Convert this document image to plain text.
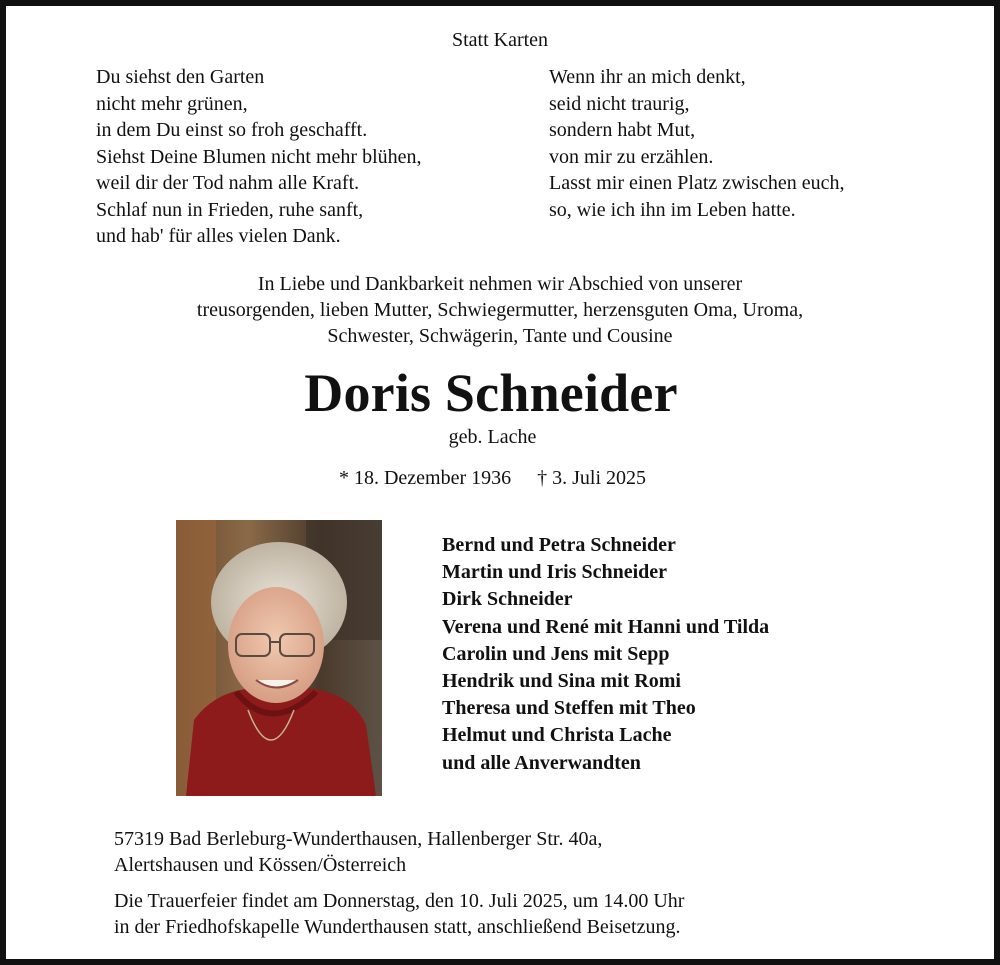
Statt Karten
Du siehst den Garten
nicht mehr grünen,
in dem Du einst so froh geschafft.
Siehst Deine Blumen nicht mehr blühen,
weil dir der Tod nahm alle Kraft.
Schlaf nun in Frieden, ruhe sanft,
und hab' für alles vielen Dank.
Wenn ihr an mich denkt,
seid nicht traurig,
sondern habt Mut,
von mir zu erzählen.
Lasst mir einen Platz zwischen euch,
so, wie ich ihn im Leben hatte.
In Liebe und Dankbarkeit nehmen wir Abschied von unserer
treusorgenden, lieben Mutter, Schwiegermutter, herzensguten Oma, Uroma,
Schwester, Schwägerin, Tante und Cousine
Doris Schneider
geb. Lache
* 18. Dezember 1936 † 3. Juli 2025
Bernd und Petra Schneider
Martin und Iris Schneider
Dirk Schneider
Verena und René mit Hanni und Tilda
Carolin und Jens mit Sepp
Hendrik und Sina mit Romi
Theresa und Steffen mit Theo
Helmut und Christa Lache
und alle Anverwandten
57319 Bad Berleburg-Wunderthausen, Hallenberger Str. 40a,
Alertshausen und Kössen/Österreich
Die Trauerfeier findet am Donnerstag, den 10. Juli 2025, um 14.00 Uhr
in der Friedhofskapelle Wunderthausen statt, anschließend Beisetzung.
